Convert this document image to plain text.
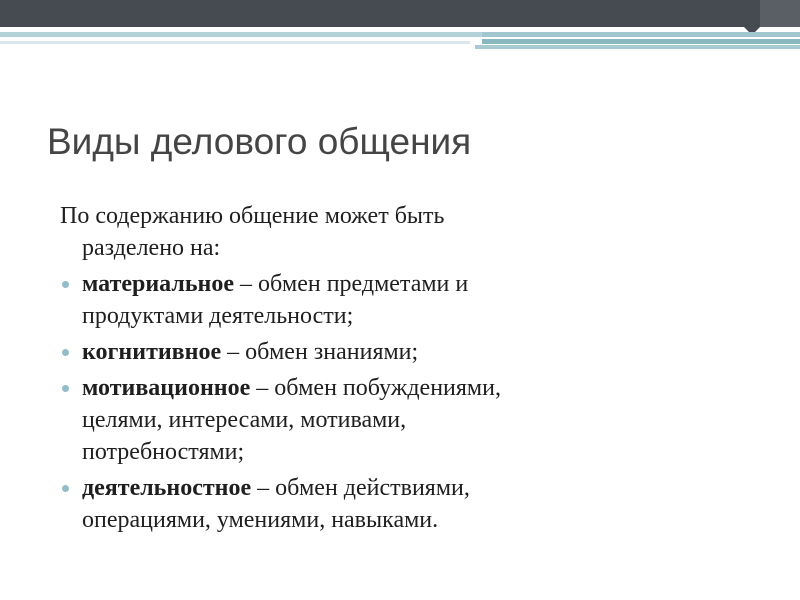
Виды делового общения

По содержанию общение может быть
разделено на:

материальное – обмен предметами и
продуктами деятельности;
когнитивное – обмен знаниями;
мотивационное – обмен побуждениями,
целями, интересами, мотивами,
потребностями;
деятельностное – обмен действиями,
операциями, умениями, навыками.
